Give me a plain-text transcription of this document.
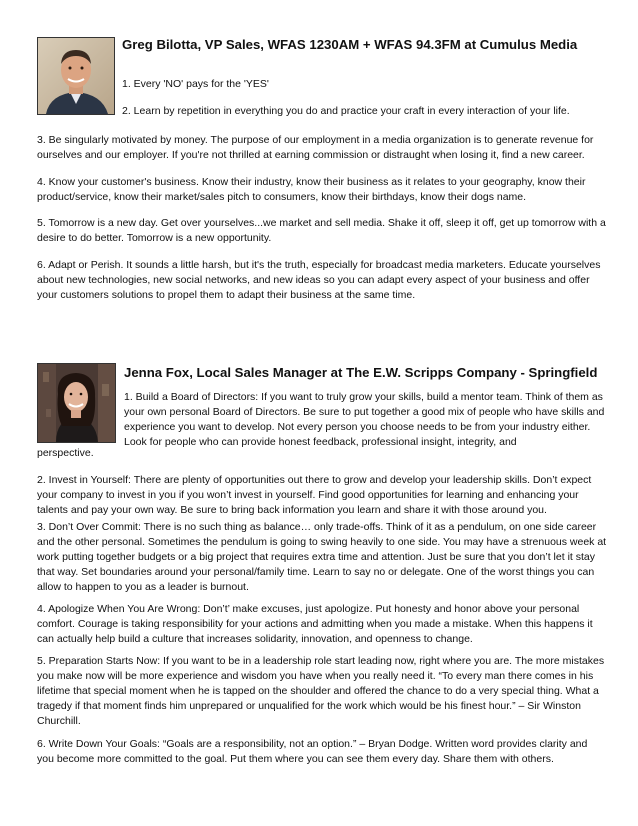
Greg Bilotta, VP Sales, WFAS 1230AM + WFAS 94.3FM at Cumulus Media

1. Every 'NO' pays for the 'YES'

2. Learn by repetition in everything you do and practice your craft in every interaction of your life.

3. Be singularly motivated by money. The purpose of our employment in a media organization is to generate revenue for ourselves and our employer. If you're not thrilled at earning commission or distraught when losing it, find a new career.

4. Know your customer's business. Know their industry, know their business as it relates to your geography, know their product/service, know their market/sales pitch to consumers, know their birthdays, know their dogs name.

5. Tomorrow is a new day. Get over yourselves...we market and sell media. Shake it off, sleep it off, get up tomorrow with a desire to do better. Tomorrow is a new opportunity.

6. Adapt or Perish. It sounds a little harsh, but it's the truth, especially for broadcast media marketers. Educate yourselves about new technologies, new social networks, and new ideas so you can adapt every aspect of your business and offer your customers solutions to propel them to adapt their business at the same time.

Jenna Fox, Local Sales Manager at The E.W. Scripps Company - Springfield

1. Build a Board of Directors: If you want to truly grow your skills, build a mentor team. Think of them as your own personal Board of Directors. Be sure to put together a good mix of people who have skills and experience you want to develop. Not every person you choose needs to be from your industry either. Look for people who can provide honest feedback, professional insight, integrity, and

perspective.

2. Invest in Yourself: There are plenty of opportunities out there to grow and develop your leadership skills. Don’t expect your company to invest in you if you won’t invest in yourself. Find good opportunities for learning and enhancing your talents and pay your own way. Be sure to bring back information you learn and share it with those around you.

3. Don’t Over Commit: There is no such thing as balance… only trade-offs. Think of it as a pendulum, on one side career and the other personal. Sometimes the pendulum is going to swing heavily to one side. You may have a strenuous week at work putting together budgets or a big project that requires extra time and attention. Just be sure that you don’t let it stay that way. Set boundaries around your personal/family time. Learn to say no or delegate. One of the worst things you can allow to happen to you as a leader is burnout.

4. Apologize When You Are Wrong: Don’t’ make excuses, just apologize. Put honesty and honor above your personal comfort. Courage is taking responsibility for your actions and admitting when you made a mistake. When this happens it can actually help build a culture that increases solidarity, innovation, and openness to change.

5. Preparation Starts Now: If you want to be in a leadership role start leading now, right where you are. The more mistakes you make now will be more experience and wisdom you have when you really need it. “To every man there comes in his lifetime that special moment when he is tapped on the shoulder and offered the chance to do a very special thing. What a tragedy if that moment finds him unprepared or unqualified for the work which would be his finest hour.” – Sir Winston Churchill.

6. Write Down Your Goals: “Goals are a responsibility, not an option.” – Bryan Dodge. Written word provides clarity and you become more committed to the goal. Put them where you can see them every day. Share them with others.
